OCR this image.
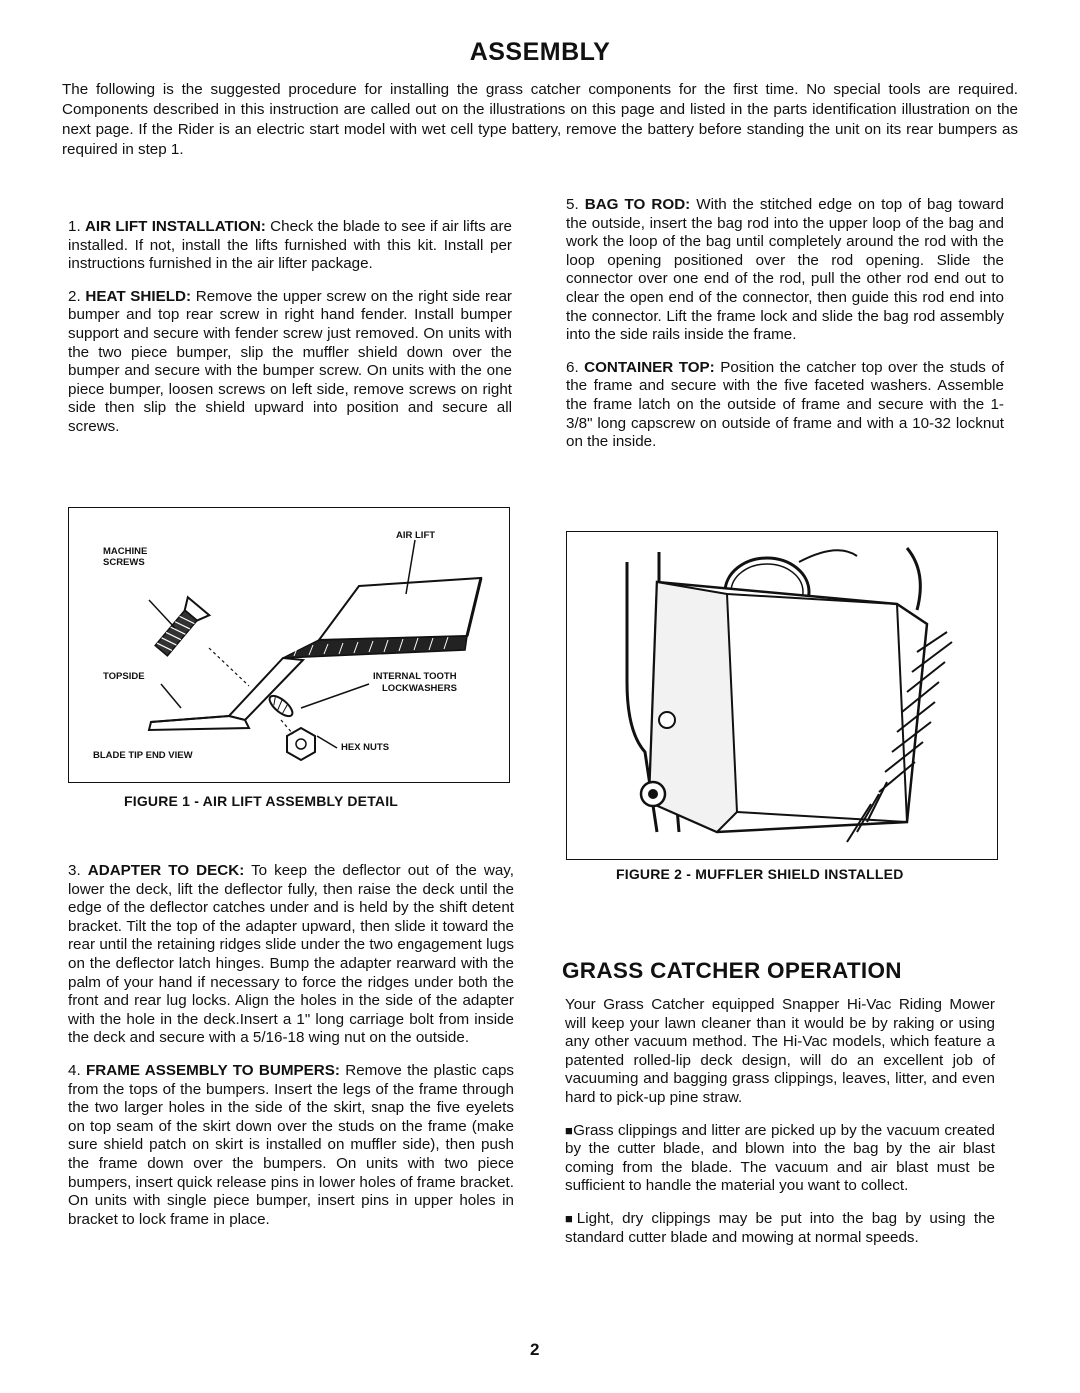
ASSEMBLY
The following is the suggested procedure for installing the grass catcher components for the first time. No special tools are required. Components described in this instruction are called out on the illustrations on this page and listed in the parts identification illustration on the next page. If the Rider is an electric start model with wet cell type battery, remove the battery before standing the unit on its rear bumpers as required in step 1.

1. AIR LIFT INSTALLATION: Check the blade to see if air lifts are installed. If not, install the lifts furnished with this kit. Install per instructions furnished in the air lifter package.

2. HEAT SHIELD: Remove the upper screw on the right side rear bumper and top rear screw in right hand fender. Install bumper support and secure with fender screw just removed. On units with the two piece bumper, slip the muffler shield down over the bumper and secure with the bumper screw. On units with the one piece bumper, loosen screws on left side, remove screws on right side then slip the shield upward into position and secure all screws.

AIR LIFT
MACHINE
SCREWS
TOPSIDE	INTERNAL TOOTH
LOCKWASHERS
BLADE TIP END VIEW
HEX NUTS
FIGURE 1 - AIR LIFT ASSEMBLY DETAIL

3. ADAPTER TO DECK: To keep the deflector out of the way, lower the deck, lift the deflector fully, then raise the deck until the edge of the deflector catches under and is held by the shift detent bracket. Tilt the top of the adapter upward, then slide it toward the rear until the retaining ridges slide under the two engagement lugs on the deflector latch hinges. Bump the adapter rearward with the palm of your hand if necessary to force the ridges under both the front and rear lug locks. Align the holes in the side of the adapter with the hole in the deck.Insert a 1" long carriage bolt from inside the deck and secure with a 5/16-18 wing nut on the outside.

4. FRAME ASSEMBLY TO BUMPERS: Remove the plastic caps from the tops of the bumpers. Insert the legs of the frame through the two larger holes in the side of the skirt, snap the five eyelets on top seam of the skirt down over the studs on the frame (make sure shield patch on skirt is installed on muffler side), then push the frame down over the bumpers. On units with two piece bumpers, insert quick release pins in lower holes of frame bracket. On units with single piece bumper, insert pins in upper holes in bracket to lock frame in place.

5. BAG TO ROD: With the stitched edge on top of bag toward the outside, insert the bag rod into the upper loop of the bag and work the loop of the bag until completely around the rod with the loop opening positioned over the rod opening. Slide the connector over one end of the rod, pull the other rod end out to clear the open end of the connector, then guide this rod end into the connector. Lift the frame lock and slide the bag rod assembly into the side rails inside the frame.

6. CONTAINER TOP: Position the catcher top over the studs of the frame and secure with the five faceted washers. Assemble the frame latch on the outside of frame and secure with the 1-3/8" long capscrew on outside of frame and with a 10-32 locknut on the inside.

FIGURE 2 - MUFFLER SHIELD INSTALLED
GRASS CATCHER OPERATION

Your Grass Catcher equipped Snapper Hi-Vac Riding Mower will keep your lawn cleaner than it would be by raking or using any other vacuum method. The Hi-Vac models, which feature a patented rolled-lip deck design, will do an excellent job of vacuuming and bagging grass clippings, leaves, litter, and even hard to pick-up pine straw.

■Grass clippings and litter are picked up by the vacuum created by the cutter blade, and blown into the bag by the air blast coming from the blade. The vacuum and air blast must be sufficient to handle the material you want to collect.

■Light, dry clippings may be put into the bag by using the standard cutter blade and mowing at normal speeds.

2
